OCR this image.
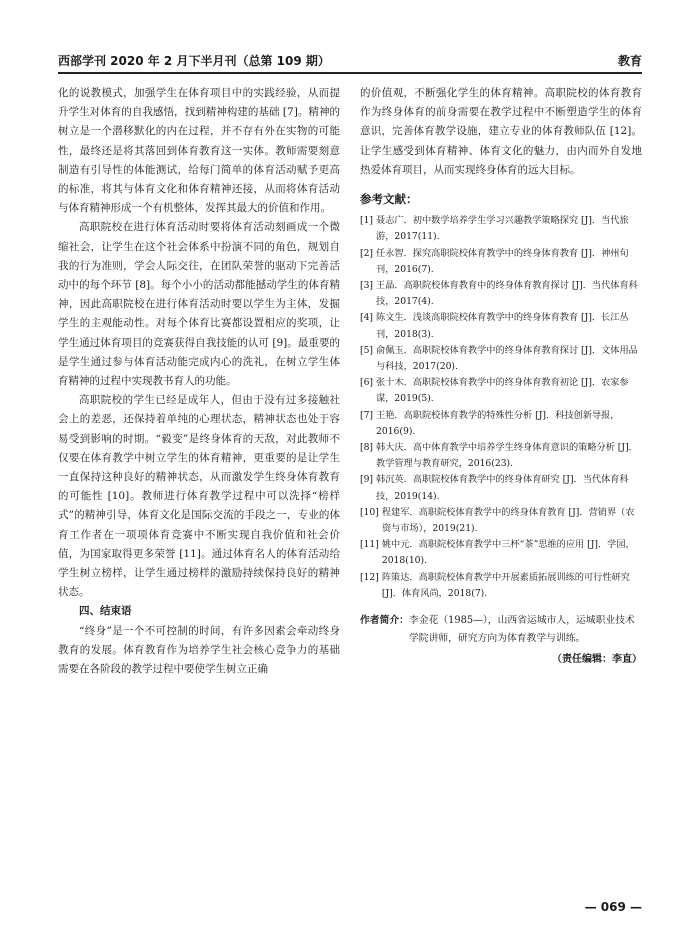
西部学刊 2020 年 2 月下半月刊（总第 109 期）	教育

化的说教模式，加强学生在体育项目中的实践经验，从而提升学生对体育的自我感悟，找到精神构建的基础 [7]。精神的树立是一个潜移默化的内在过程，并不存有外在实物的可能性，最终还是将其落回到体育教育这一实体。教师需要刻意制造有引导性的体能测试，给每门简单的体育活动赋予更高的标准，将其与体育文化和体育精神还接，从而将体育活动与体育精神形成一个有机整体，发挥其最大的价值和作用。

高职院校在进行体育活动时要将体育活动刻画成一个微缩社会，让学生在这个社会体系中扮演不同的角色，规划自我的行为准则，学会人际交往，在团队荣誉的驱动下完善活动中的每个环节 [8]。每个小小的活动都能撼动学生的体育精神，因此高职院校在进行体育活动时要以学生为主体，发掘学生的主观能动性。对每个体育比赛都设置相应的奖项，让学生通过体育项目的竞赛获得自我技能的认可 [9]。最重要的是学生通过参与体育活动能完成内心的洗礼，在树立学生体育精神的过程中实现教书育人的功能。

高职院校的学生已经是成年人，但由于没有过多接触社会上的差恶，还保持着单纯的心理状态，精神状态也处于容易受到影响的时期。“毅变”是终身体育的天敌，对此教师不仅要在体育教学中树立学生的体育精神，更重要的是让学生一直保持这种良好的精神状态，从而激发学生终身体育教育的可能性 [10]。教师进行体育教学过程中可以洗择“榜样式”的精神引导，体育文化是国际交流的手段之一，专业的体育工作者在一项项体育竞赛中不断实现自我价值和社会价值，为国家取得更多荣誉 [11]。通过体育名人的体育活动给学生树立榜样，让学生通过榜样的激励持续保持良好的精神状态。

四、结束语

“终身”是一个不可控制的时间，有许多因素会牵动终身教育的发展。体育教育作为培养学生社会核心竞争力的基础需要在各阶段的教学过程中要使学生树立正确

的价值观，不断强化学生的体育精神。高职院校的体育教育作为终身体育的前身需要在教学过程中不断塑造学生的体育意识，完善体育教学设施，建立专业的体育教师队伍 [12]。让学生感受到体育精神、体育文化的魅力，由内而外自发地热爱体育项目，从而实现终身体育的远大目标。

参考文献：
[1] 聂志广．初中数学培养学生学习兴趣教学策略探究 [J]．当代旅游，2017(11).
[2] 任永智．探究高职院校体育教学中的终身体育教育 [J]．神州旬刊，2016(7).
[3] 王晶．高职院校体育教育中的终身体育教育探讨 [J]．当代体育科技，2017(4).
[4] 陈文生．浅谈高职院校体育教学中的终身体育教育 [J]．长江丛刊，2018(3).
[5] 俞佩玉．高职院校体育教学中的终身体育教育探讨 [J]．文体用品与科技，2017(20).
[6] 张十木．高职院校体育教学中的终身体育教育初论 [J]．农家参谋，2019(5).
[7] 王艳．高职院校体育教学的特殊性分析 [J]．科技创新导报，2016(9).
[8] 韩大庆．高中体育教学中培养学生终身体育意识的策略分析 [J]．教学管理与教育研究，2016(23).
[9] 韩沉英．高职院校体育教学中的终身体育研究 [J]．当代体育科技，2019(14).
[10] 程建军．高职院校体育教学中的终身体育教育 [J]．营销界（农资与市场），2019(21).
[11] 姚中元．高职院校体育教学中三杯“茶”思维的应用 [J]．学园，2018(10).
[12] 阵策达．高职院校体育教学中开展素质拓展训练的可行性研究 [J]．体育风尚，2018(7).
作者简介： 李金花（1985—），山西省运城市人，运城职业技术学院讲师，研究方向为体育教学与训练。
（责任编辑：李直）
— 069 —
